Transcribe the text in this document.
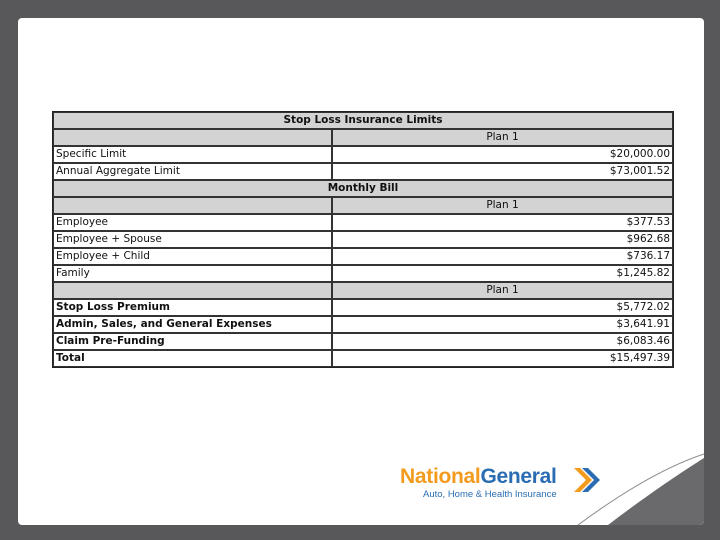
Stop Loss Insurance Limits	
	Plan 1
Specific Limit	$20,000.00
Annual Aggregate Limit	$73,001.52
Monthly Bill	
	Plan 1
Employee	$377.53
Employee + Spouse	$962.68
Employee + Child	$736.17
Family	$1,245.82
	Plan 1
Stop Loss Premium	$5,772.02
Admin, Sales, and General Expenses	$3,641.91
Claim Pre-Funding	$6,083.46
Total	$15,497.39
NationalGeneral
Auto, Home & Health Insurance
